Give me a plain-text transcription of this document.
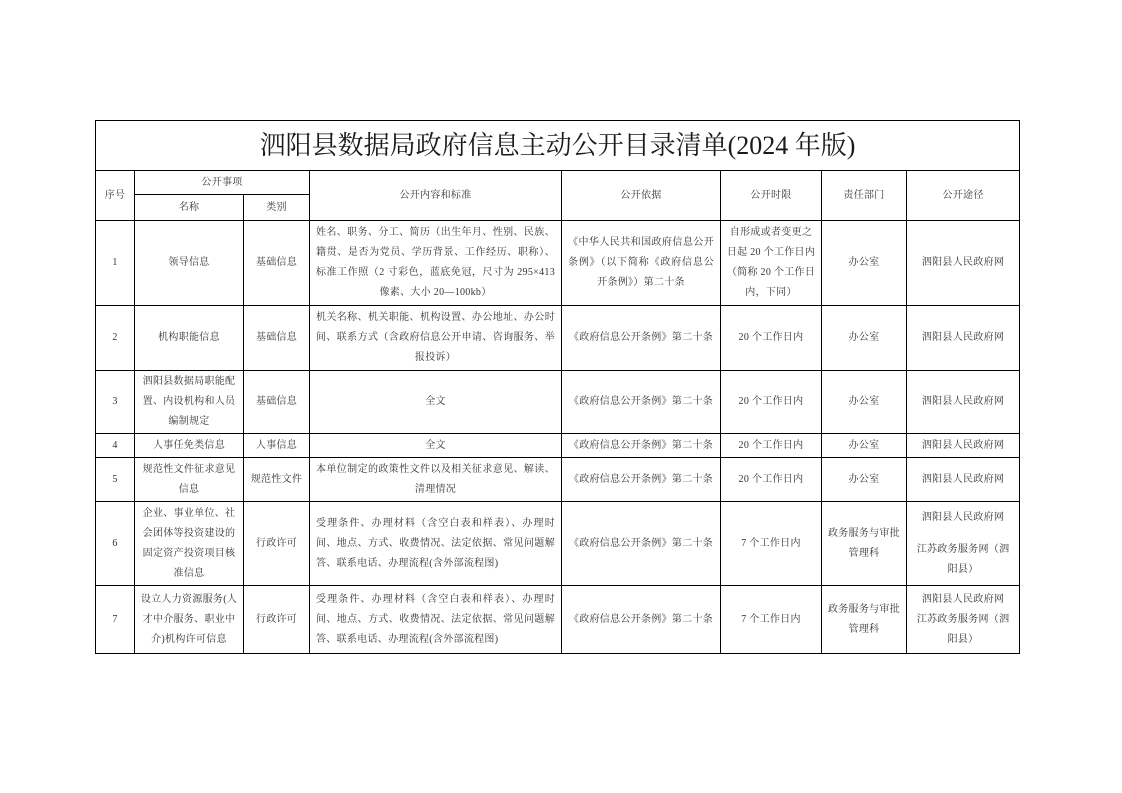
泗阳县数据局政府信息主动公开目录清单(2024 年版)							
序号	公开事项		公开内容和标准	公开依据	公开时限	责任部门	公开途径
	名称	类别					
1	领导信息	基础信息	姓名、职务、分工、简历（出生年月、性别、民族、籍贯、是否为党员、学历背景、工作经历、职称）、标准工作照（2 寸彩色，蓝底免冠，尺寸为 295×413 像素、大小 20—100kb）	《中华人民共和国政府信息公开条例》（以下简称《政府信息公开条例》）第二十条	自形成或者变更之日起 20 个工作日内（简称 20 个工作日内，下同）	办公室	泗阳县人民政府网

2	机构职能信息	基础信息	机关名称、机关职能、机构设置、办公地址、办公时间、联系方式（含政府信息公开申请、咨询服务、举报投诉）	《政府信息公开条例》第二十条	20 个工作日内	办公室	泗阳县人民政府网

3	泗阳县数据局职能配置、内设机构和人员编制规定	基础信息	全文	《政府信息公开条例》第二十条	20 个工作日内	办公室	泗阳县人民政府网

4	人事任免类信息	人事信息	全文	《政府信息公开条例》第二十条	20 个工作日内	办公室	泗阳县人民政府网

5	规范性文件征求意见信息	规范性文件	本单位制定的政策性文件以及相关征求意见、解读、清理情况	《政府信息公开条例》第二十条	20 个工作日内	办公室	泗阳县人民政府网

6	企业、事业单位、社会团体等投资建设的固定资产投资项目核准信息	行政许可	受理条件、办理材料（含空白表和样表）、办理时间、地点、方式、收费情况、法定依据、常见问题解答、联系电话、办理流程(含外部流程图)	《政府信息公开条例》第二十条	7 个工作日内	政务服务与审批管理科	泗阳县人民政府网
江苏政务服务网（泗阳县）

7	设立人力资源服务(人才中介服务、职业中介)机构许可信息	行政许可	受理条件、办理材料（含空白表和样表）、办理时间、地点、方式、收费情况、法定依据、常见问题解答、联系电话、办理流程(含外部流程图)	《政府信息公开条例》第二十条	7 个工作日内	政务服务与审批管理科	泗阳县人民政府网
江苏政务服务网（泗阳县）
